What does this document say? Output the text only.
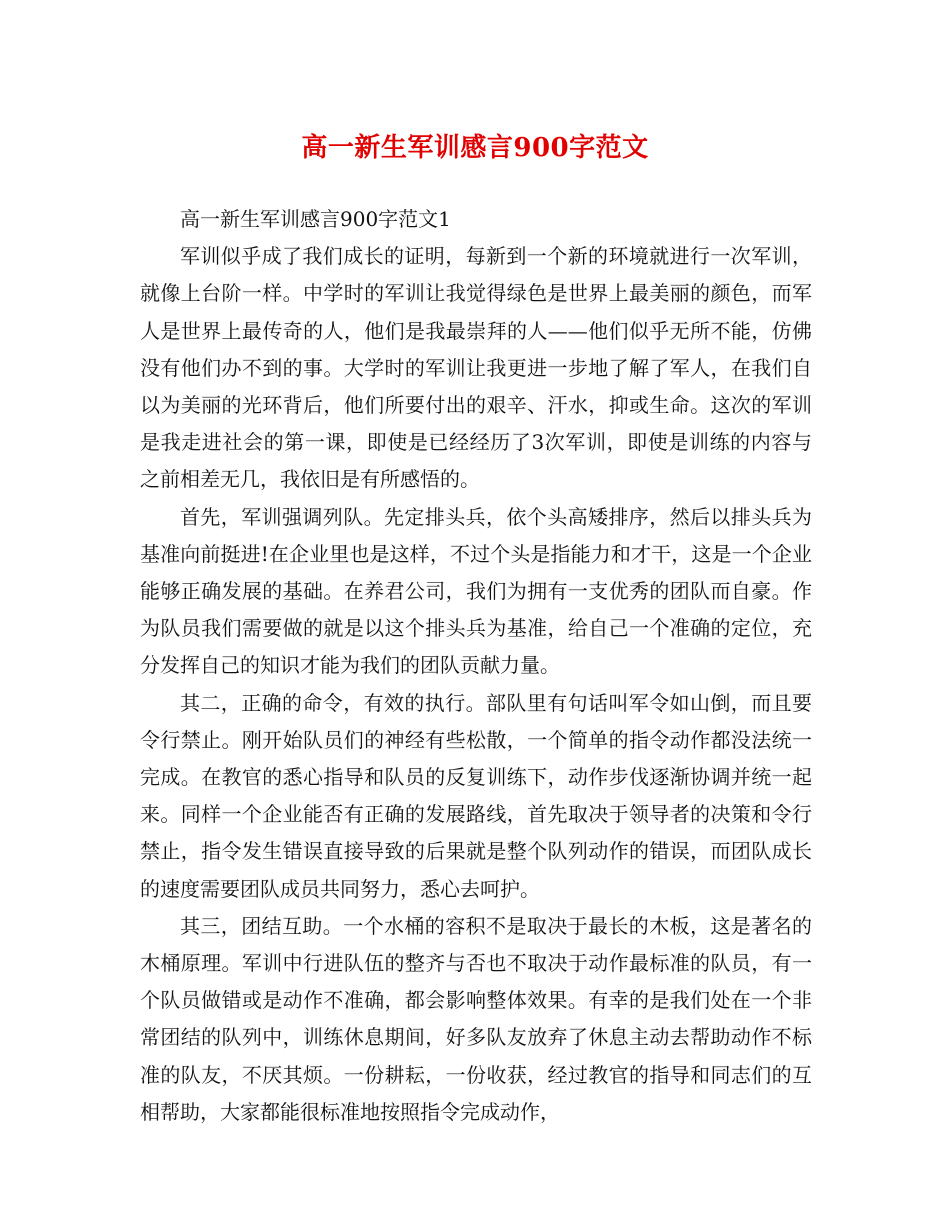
高一新生军训感言900字范文

高一新生军训感言900字范文1

军训似乎成了我们成长的证明，每新到一个新的环境就进行一次军训，就像上台阶一样。中学时的军训让我觉得绿色是世界上最美丽的颜色，而军人是世界上最传奇的人，他们是我最崇拜的人——他们似乎无所不能，仿佛没有他们办不到的事。大学时的军训让我更进一步地了解了军人，在我们自以为美丽的光环背后，他们所要付出的艰辛、汗水，抑或生命。这次的军训是我走进社会的第一课，即使是已经经历了3次军训，即使是训练的内容与之前相差无几，我依旧是有所感悟的。

首先，军训强调列队。先定排头兵，依个头高矮排序，然后以排头兵为基准向前挺进!在企业里也是这样，不过个头是指能力和才干，这是一个企业能够正确发展的基础。在养君公司，我们为拥有一支优秀的团队而自豪。作为队员我们需要做的就是以这个排头兵为基准，给自己一个准确的定位，充分发挥自己的知识才能为我们的团队贡献力量。

其二，正确的命令，有效的执行。部队里有句话叫军令如山倒，而且要令行禁止。刚开始队员们的神经有些松散，一个简单的指令动作都没法统一完成。在教官的悉心指导和队员的反复训练下，动作步伐逐渐协调并统一起来。同样一个企业能否有正确的发展路线，首先取决于领导者的决策和令行禁止，指令发生错误直接导致的后果就是整个队列动作的错误，而团队成长的速度需要团队成员共同努力，悉心去呵护。

其三，团结互助。一个水桶的容积不是取决于最长的木板，这是著名的木桶原理。军训中行进队伍的整齐与否也不取决于动作最标准的队员，有一个队员做错或是动作不准确，都会影响整体效果。有幸的是我们处在一个非常团结的队列中，训练休息期间，好多队友放弃了休息主动去帮助动作不标准的队友，不厌其烦。一份耕耘，一份收获，经过教官的指导和同志们的互相帮助，大家都能很标准地按照指令完成动作，
